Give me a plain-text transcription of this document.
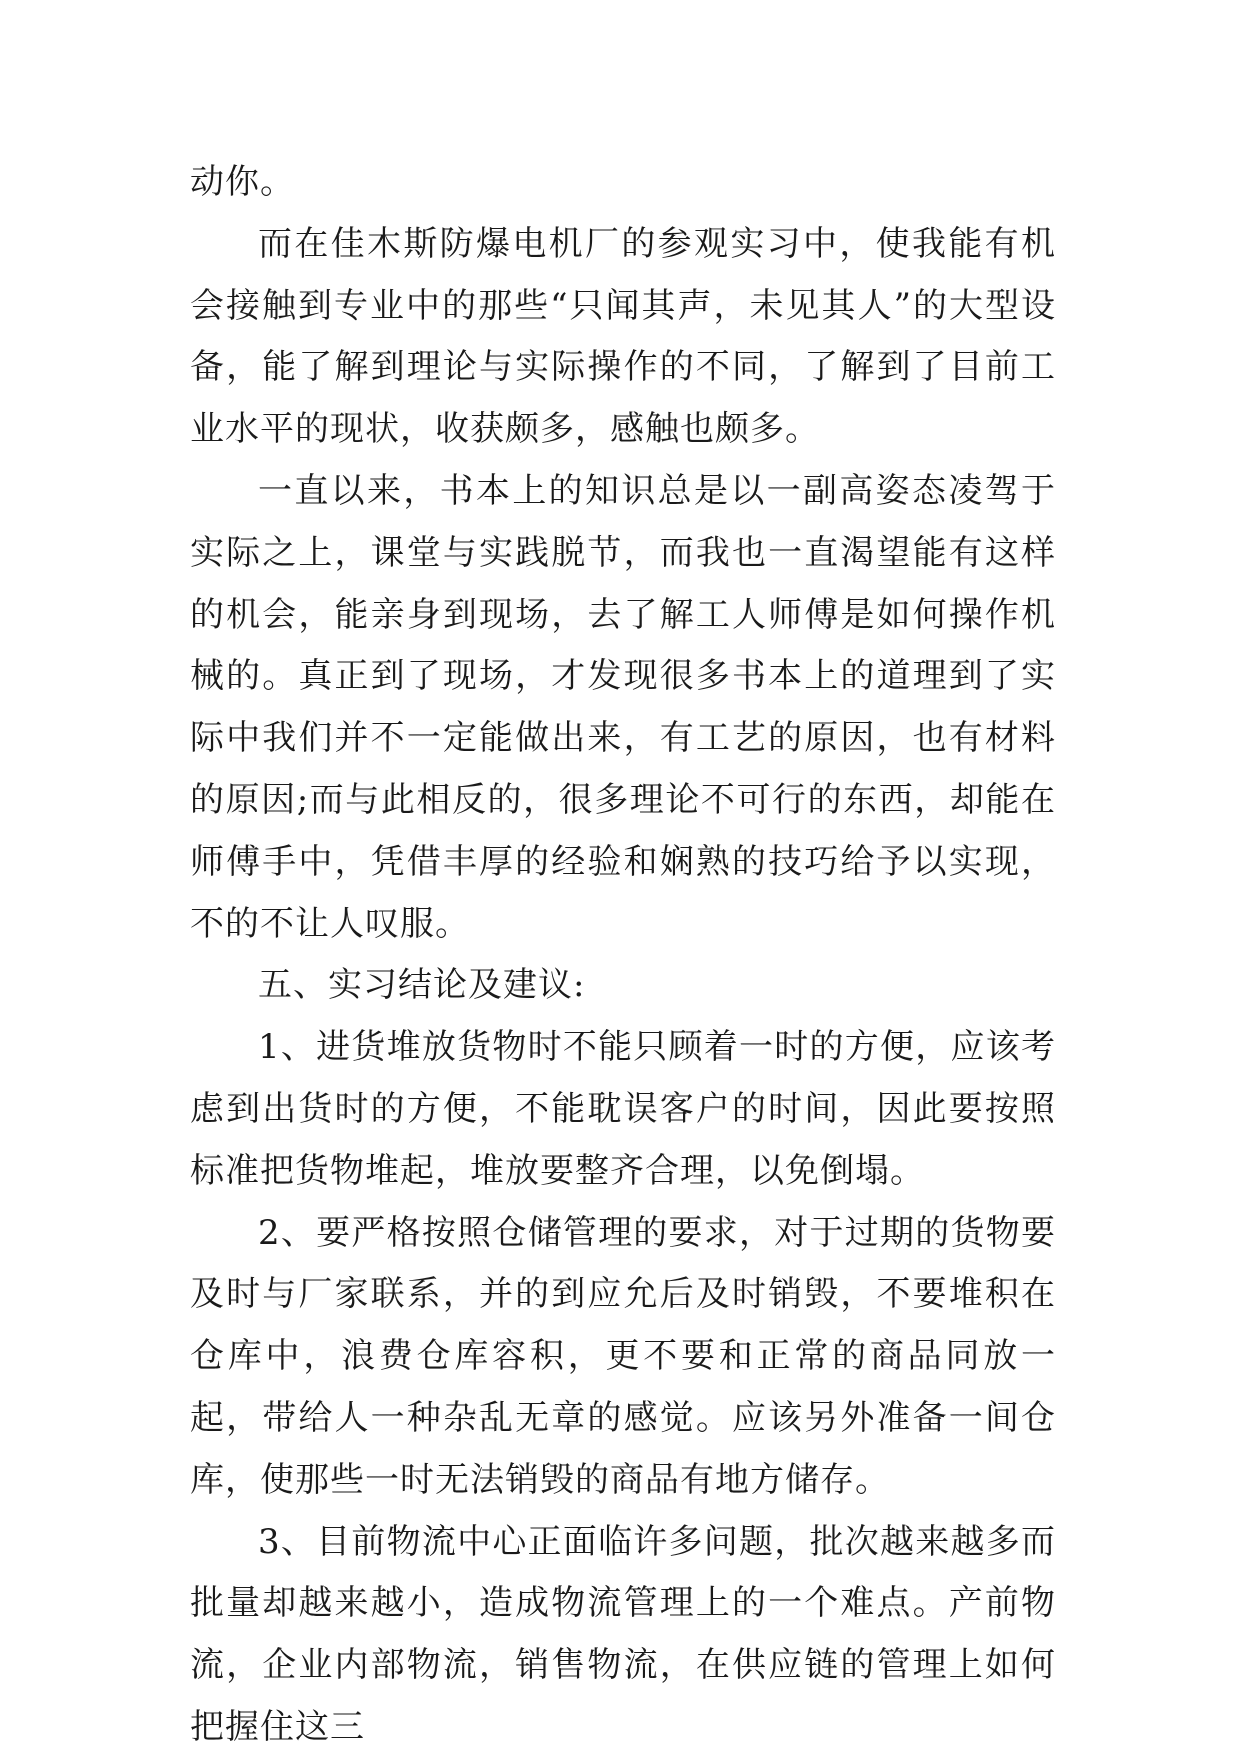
动你。

而在佳木斯防爆电机厂的参观实习中，使我能有机会接触到专业中的那些“只闻其声，未见其人”的大型设备，能了解到理论与实际操作的不同，了解到了目前工业水平的现状，收获颇多，感触也颇多。

一直以来，书本上的知识总是以一副高姿态凌驾于实际之上，课堂与实践脱节，而我也一直渴望能有这样的机会，能亲身到现场，去了解工人师傅是如何操作机械的。真正到了现场，才发现很多书本上的道理到了实际中我们并不一定能做出来，有工艺的原因，也有材料的原因;而与此相反的，很多理论不可行的东西，却能在师傅手中，凭借丰厚的经验和娴熟的技巧给予以实现，不的不让人叹服。

五、实习结论及建议:

1、进货堆放货物时不能只顾着一时的方便，应该考虑到出货时的方便，不能耽误客户的时间，因此要按照标准把货物堆起，堆放要整齐合理，以免倒塌。

2、要严格按照仓储管理的要求，对于过期的货物要及时与厂家联系，并的到应允后及时销毁，不要堆积在仓库中，浪费仓库容积，更不要和正常的商品同放一起，带给人一种杂乱无章的感觉。应该另外准备一间仓库，使那些一时无法销毁的商品有地方储存。

3、目前物流中心正面临许多问题，批次越来越多而批量却越来越小，造成物流管理上的一个难点。产前物流，企业内部物流，销售物流，在供应链的管理上如何把握住这三
